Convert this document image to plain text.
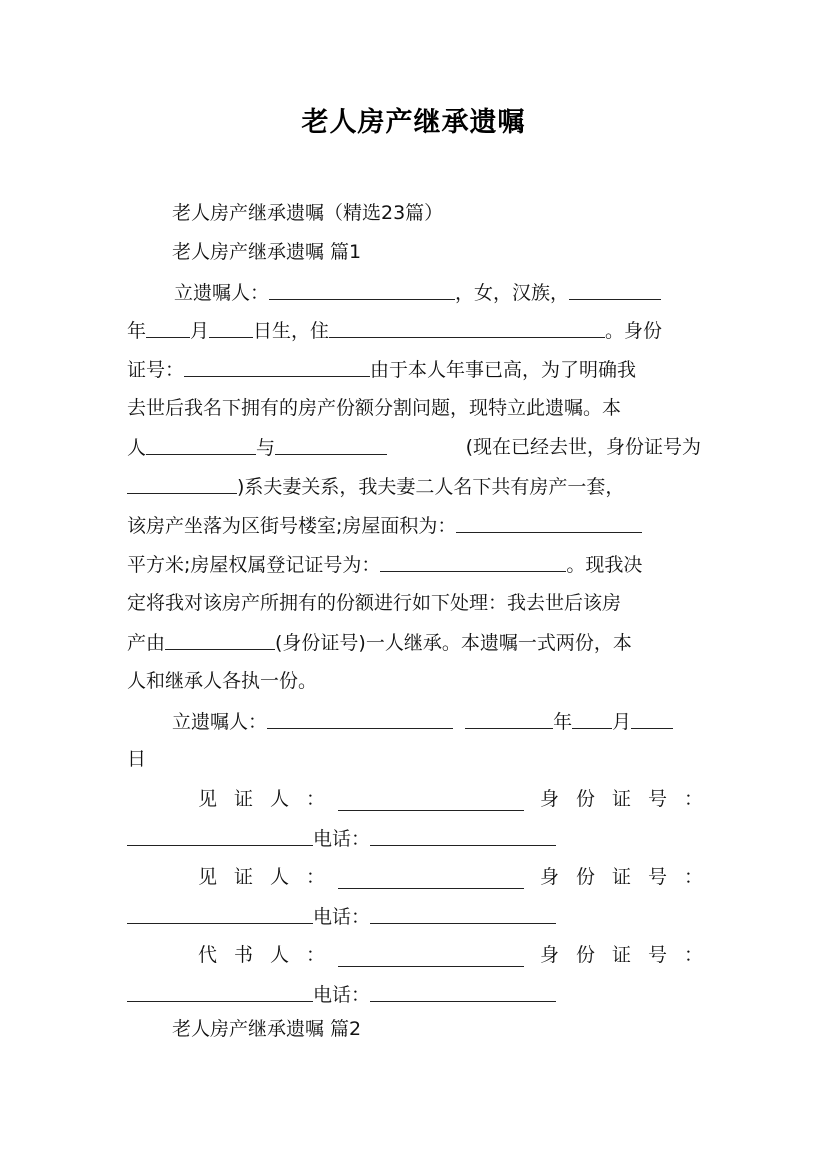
老人房产继承遗嘱
老人房产继承遗嘱（精选23篇）
老人房产继承遗嘱 篇1
立遗嘱人：	，女，汉族，
年 月 日生，住	。身份
证号：	由于本人年事已高，为了明确我
去世后我名下拥有的房产份额分割问题，现特立此遗嘱。本
人	与	(现在已经去世，身份证号为
)系夫妻关系，我夫妻二人名下共有房产一套，
该房产坐落为区街号楼室;房屋面积为：
平方米;房屋权属登记证号为：	。现我决
定将我对该房产所拥有的份额进行如下处理：我去世后该房
产由	(身份证号)一人继承。本遗嘱一式两份，本
人和继承人各执一份。
立遗嘱人：	年 月
日
见证人：	身份证号：
电话：
见证人：	身份证号：
电话：
代书人：	身份证号：
电话：
老人房产继承遗嘱 篇2
